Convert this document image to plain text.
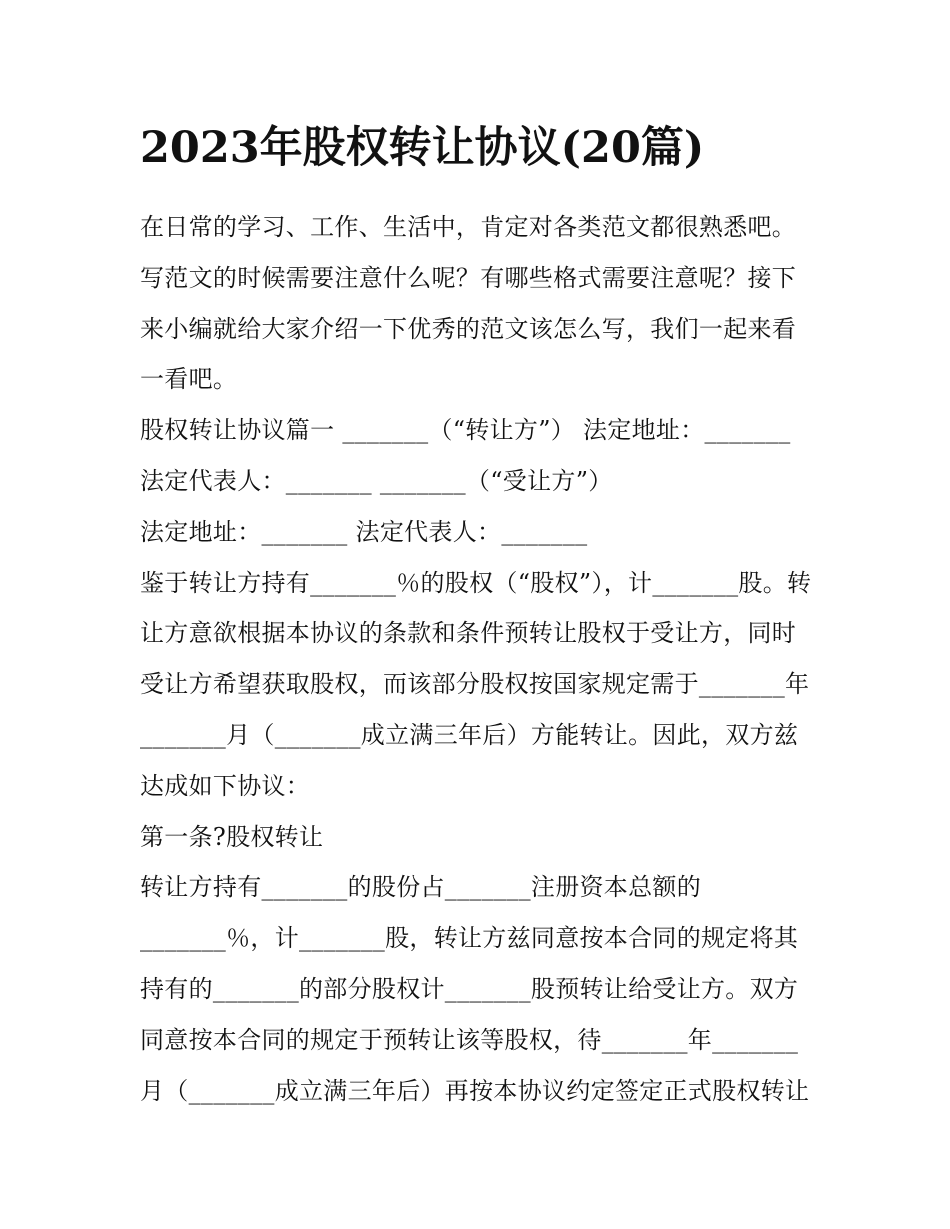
2023年股权转让协议(20篇)

在日常的学习、工作、生活中，肯定对各类范文都很熟悉吧。写范文的时候需要注意什么呢？有哪些格式需要注意呢？接下来小编就给大家介绍一下优秀的范文该怎么写，我们一起来看一看吧。

股权转让协议篇一 _______（“转让方”） 法定地址：_______

法定代表人：_______ _______（“受让方”）

法定地址：_______ 法定代表人：_______

鉴于转让方持有_______％的股权（“股权”），计_______股。转让方意欲根据本协议的条款和条件预转让股权于受让方，同时受让方希望获取股权，而该部分股权按国家规定需于_______年_______月（_______成立满三年后）方能转让。因此，双方兹达成如下协议：

第一条?股权转让

转让方持有_______的股份占_______注册资本总额的_______％，计_______股，转让方兹同意按本合同的规定将其持有的_______的部分股权计_______股预转让给受让方。双方同意按本合同的规定于预转让该等股权，待_______年_______月（_______成立满三年后）再按本协议约定签定正式股权转让
